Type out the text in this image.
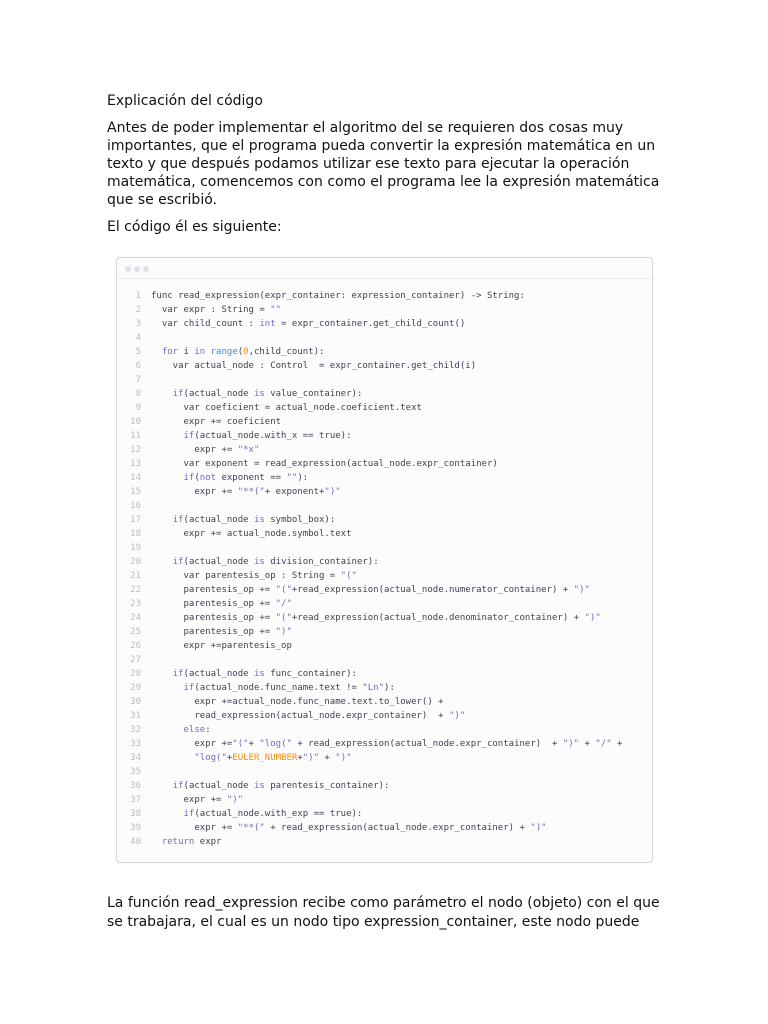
Explicación del código

Antes de poder implementar el algoritmo del se requieren dos cosas muy importantes, que el programa pueda convertir la expresión matemática en un texto y que después podamos utilizar ese texto para ejecutar la operación matemática, comencemos con como el programa lee la expresión matemática que se escribió.

El código él es siguiente:

1 func read_expression(expr_container: expression_container) -> String:
2 var expr : String = ""
3 var child_count : int = expr_container.get_child_count()
4
5	for i in range(0,child_count):
6 var actual_node : Control  = expr_container.get_child(i)
7
8	if(actual_node is value_container):
9 var coeficient = actual_node.coeficient.text
10 expr += coeficient
11	if(actual_node.with_x == true):
12 expr += "*x"
13 var exponent = read_expression(actual_node.expr_container)
14	if(not exponent == ""):
15 expr += "**("+ exponent+")"
16
17	if(actual_node is symbol_box):
18 expr += actual_node.symbol.text
19
20	if(actual_node is division_container):
21 var parentesis_op : String = "("
22 parentesis_op += "("+read_expression(actual_node.numerator_container) + ")"
23 parentesis_op += "/"
24 parentesis_op += "("+read_expression(actual_node.denominator_container) + ")"
25 parentesis_op += ")"
26 expr +=parentesis_op
27
28	if(actual_node is func_container):
29	if(actual_node.func_name.text != "Ln"):
30 expr +=actual_node.func_name.text.to_lower() +
31 read_expression(actual_node.expr_container)  + ")"
32	else:
33 expr +="("+ "log(" + read_expression(actual_node.expr_container)  + ")" + "/" +
34	"log("+EULER_NUMBER+")" + ")"
35
36	if(actual_node is parentesis_container):
37 expr += ")"
38	if(actual_node.with_exp == true):
39 expr += "**(" + read_expression(actual_node.expr_container) + ")"
40	return expr

La función read_expression recibe como parámetro el nodo (objeto) con el que se trabajara, el cual es un nodo tipo expression_container, este nodo puede
